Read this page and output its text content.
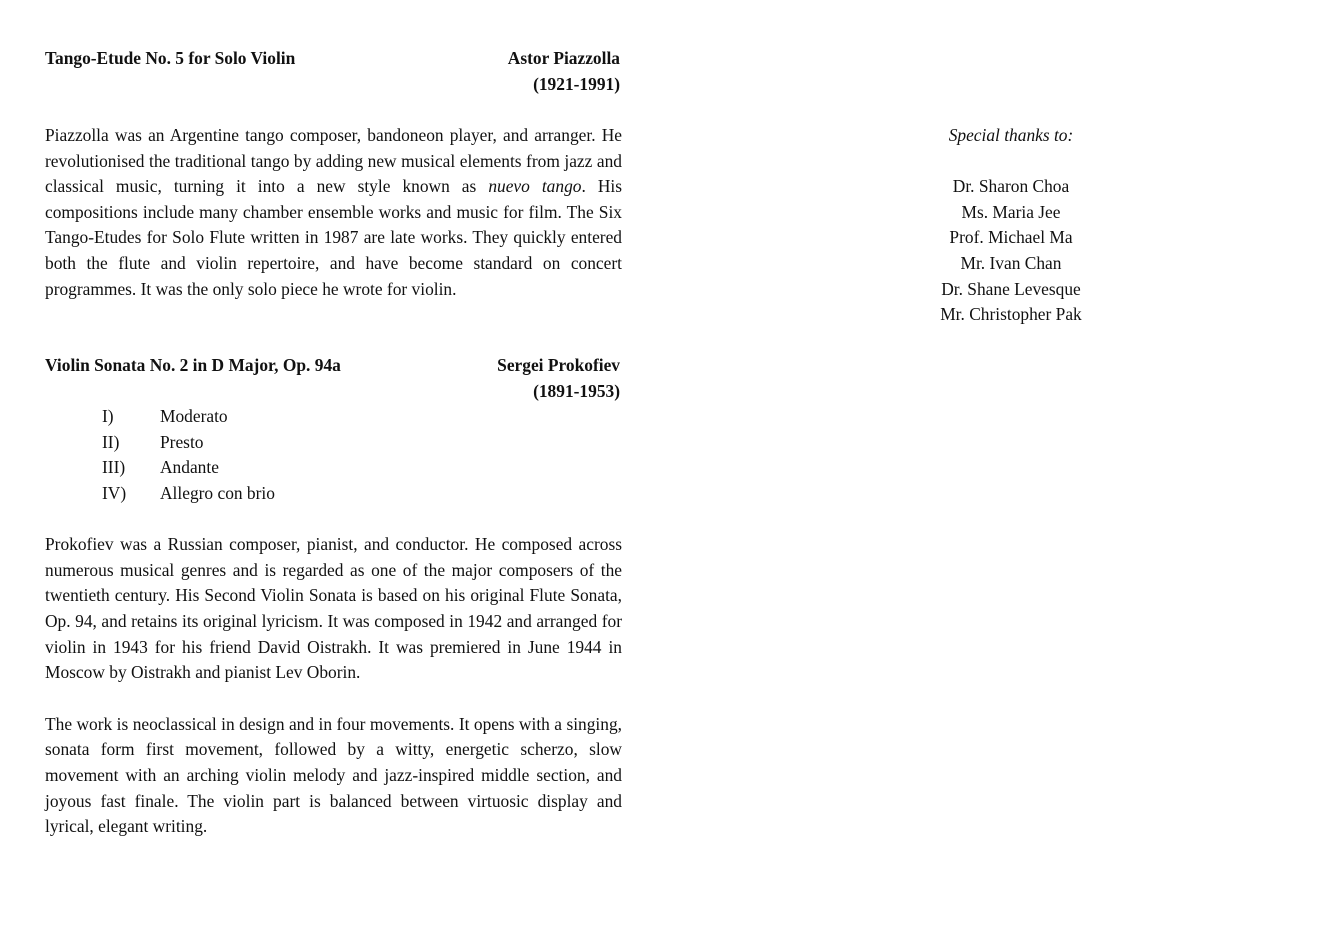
Tango-Etude No. 5 for Solo Violin	Astor Piazzolla
(1921-1991)

Piazzolla was an Argentine tango composer, bandoneon player, and arranger. He revolutionised the traditional tango by adding new musical elements from jazz and classical music, turning it into a new style known as nuevo tango. His compositions include many chamber ensemble works and music for film. The Six Tango-Etudes for Solo Flute written in 1987 are late works. They quickly entered both the flute and violin repertoire, and have become standard on concert programmes. It was the only solo piece he wrote for violin.

Violin Sonata No. 2 in D Major, Op. 94a	Sergei Prokofiev
(1891-1953)
I)	Moderato
II)	Presto
III)	Andante
IV)	Allegro con brio

Prokofiev was a Russian composer, pianist, and conductor. He composed across numerous musical genres and is regarded as one of the major composers of the twentieth century. His Second Violin Sonata is based on his original Flute Sonata, Op. 94, and retains its original lyricism. It was composed in 1942 and arranged for violin in 1943 for his friend David Oistrakh. It was premiered in June 1944 in Moscow by Oistrakh and pianist Lev Oborin.

The work is neoclassical in design and in four movements. It opens with a singing, sonata form first movement, followed by a witty, energetic scherzo, slow movement with an arching violin melody and jazz-inspired middle section, and joyous fast finale. The violin part is balanced between virtuosic display and lyrical, elegant writing.

Special thanks to:
Dr. Sharon Choa
Ms. Maria Jee
Prof. Michael Ma
Mr. Ivan Chan
Dr. Shane Levesque
Mr. Christopher Pak
